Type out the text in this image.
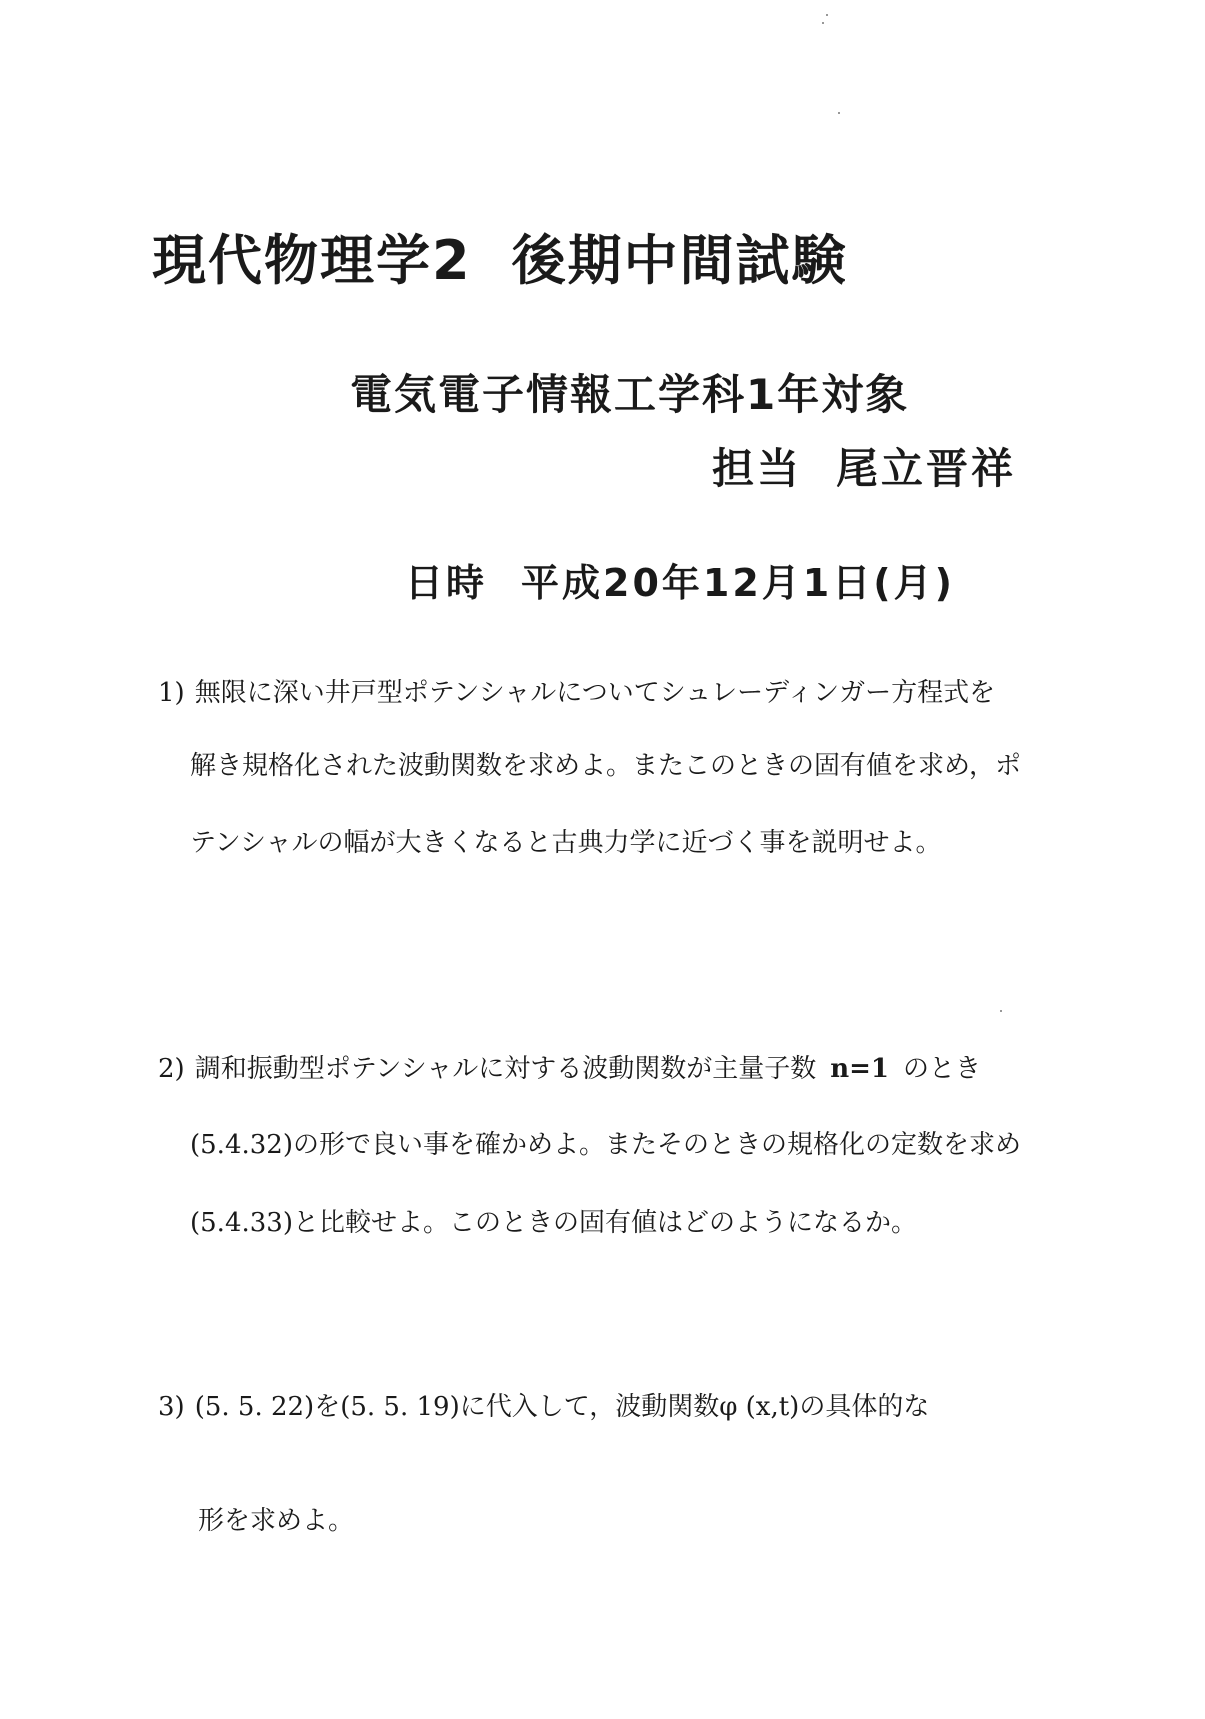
現代物理学2 後期中間試験
電気電子情報工学科1年対象
担当 尾立晋祥
日時 平成20年12月1日(月)
1) 無限に深い井戸型ポテンシャルについてシュレーディンガー方程式を
解き規格化された波動関数を求めよ。またこのときの固有値を求め，ポ
テンシャルの幅が大きくなると古典力学に近づく事を説明せよ。
2) 調和振動型ポテンシャルに対する波動関数が主量子数 n=1 のとき
(5.4.32)の形で良い事を確かめよ。またそのときの規格化の定数を求め
(5.4.33)と比較せよ。このときの固有値はどのようになるか。
3) (5. 5. 22)を(5. 5. 19)に代入して，波動関数φ (x,t)の具体的な
形を求めよ。
